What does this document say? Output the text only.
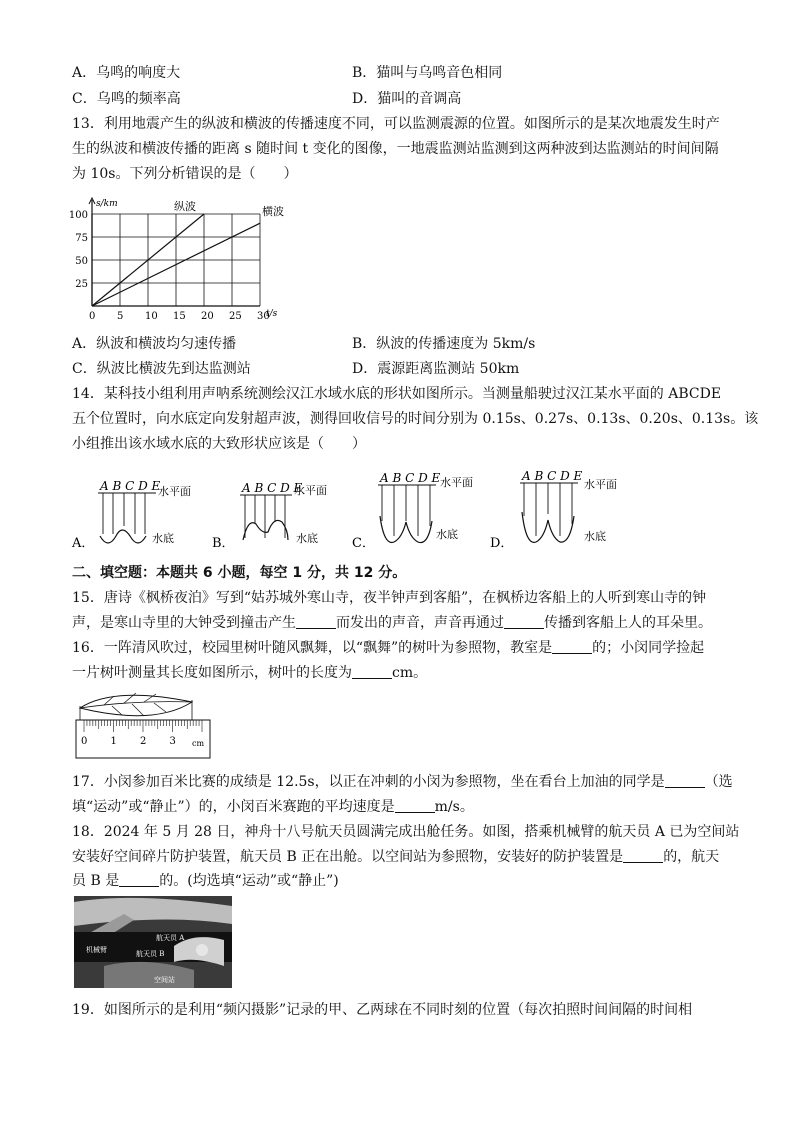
A．乌鸣的响度大	B．猫叫与乌鸣音色相同
C．乌鸣的频率高	D．猫叫的音调高
13．利用地震产生的纵波和横波的传播速度不同，可以监测震源的位置。如图所示的是某次地震发生时产
生的纵波和横波传播的距离 s 随时间 t 变化的图像，一地震监测站监测到这两种波到达监测站的时间间隔
为 10s。下列分析错误的是（　　）
0 5 10 15 20 25 30
25
50
75
100
s/km
t/s
纵波	横波
A．纵波和横波均匀速传播	B．纵波的传播速度为 5km/s
C．纵波比横波先到达监测站	D．震源距离监测站 50km
14．某科技小组利用声呐系统测绘汉江水域水底的形状如图所示。当测量船驶过汉江某水平面的 ABCDE
五个位置时，向水底定向发射超声波，测得回收信号的时间分别为 0.15s、0.27s、0.13s、0.20s、0.13s。该
小组推出该水域水底的大致形状应该是（　　）
A．
A B C D E
水平面
水底	B．
A B C D E
水平面
水底	C．
A B C D E 水平面
水底
D．
A B C D E
水平面
水底
二、填空题：本题共 6 小题，每空 1 分，共 12 分。
15．唐诗《枫桥夜泊》写到“姑苏城外寒山寺，夜半钟声到客船”，在枫桥边客船上的人听到寒山寺的钟
声，是寒山寺里的大钟受到撞击产生	而发出的声音，声音再通过	传播到客船上人的耳朵里。
16．一阵清风吹过，校园里树叶随风飘舞，以“飘舞”的树叶为参照物，教室是	的；小闵同学捡起
一片树叶测量其长度如图所示，树叶的长度为	cm。
0 1 2 3 cm
17．小闵参加百米比赛的成绩是 12.5s，以正在冲刺的小闵为参照物，坐在看台上加油的同学是	（选
填“运动”或“静止”）的，小闵百米赛跑的平均速度是	m/s。
18．2024 年 5 月 28 日，神舟十八号航天员圆满完成出舱任务。如图，搭乘机械臂的航天员 A 已为空间站
安装好空间碎片防护装置，航天员 B 正在出舱。以空间站为参照物，安装好的防护装置是	的，航天
员 B 是	的。(均选填“运动”或“静止”)
机械臂
航天员 A
航天员 B
空间站
19．如图所示的是利用“频闪摄影”记录的甲、乙两球在不同时刻的位置（每次拍照时间间隔的时间相
